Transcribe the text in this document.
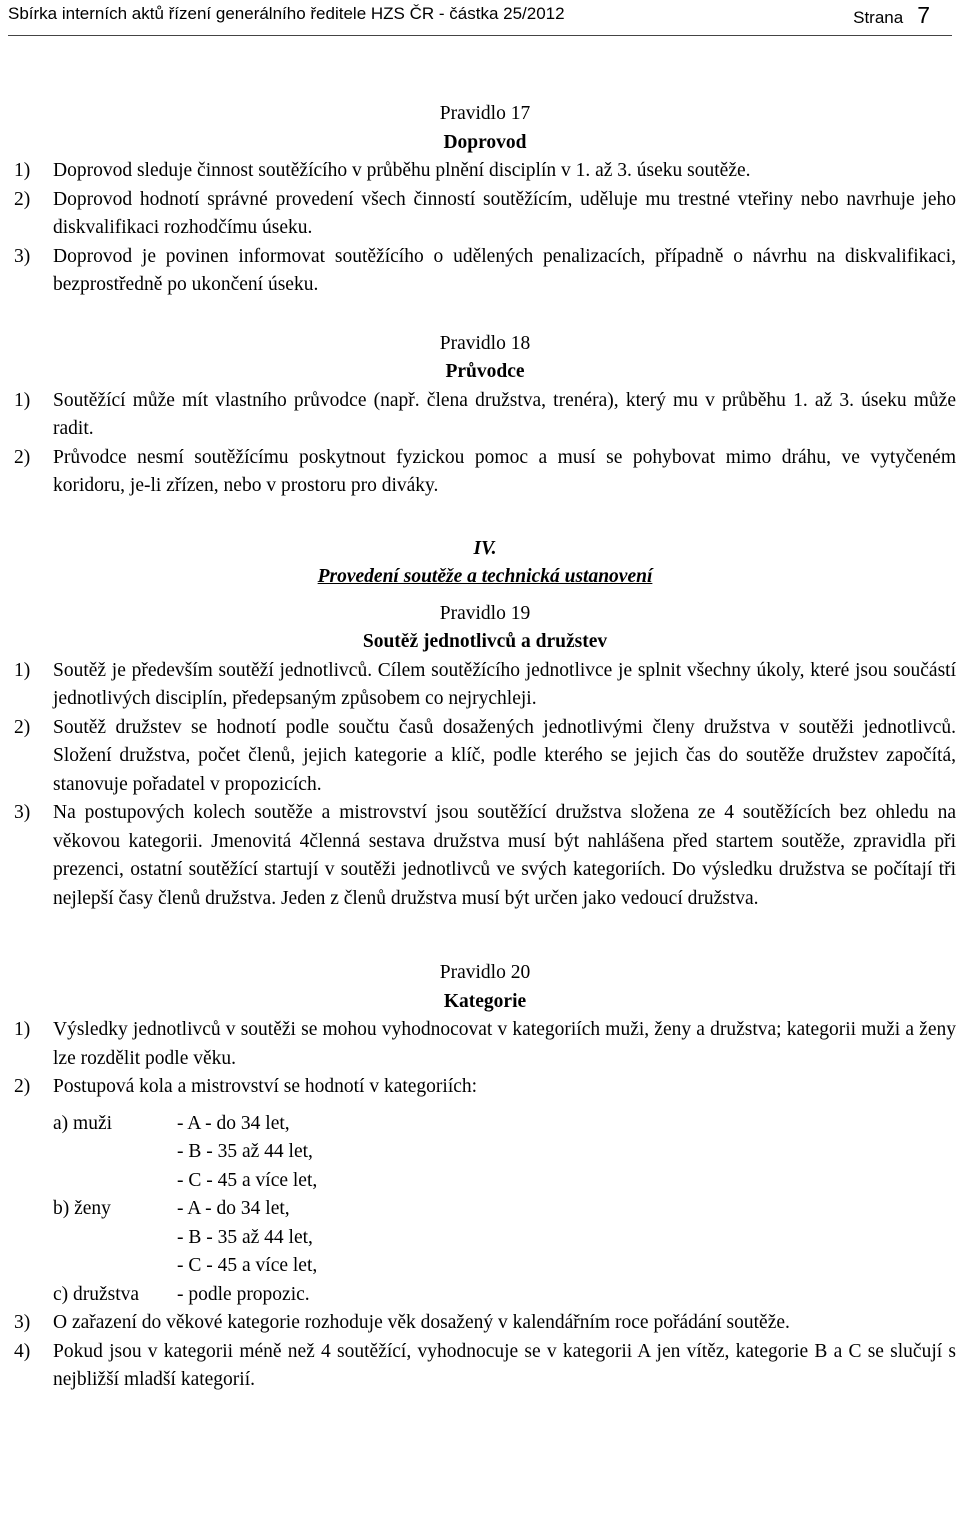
Sbírka interních aktů řízení generálního ředitele HZS ČR - částka 25/2012	Strana 7
Pravidlo 17
Doprovod
1) Doprovod sleduje činnost soutěžícího v průběhu plnění disciplín v 1. až 3. úseku soutěže.
2) Doprovod hodnotí správné provedení všech činností soutěžícím, uděluje mu trestné vteřiny nebo navrhuje jeho diskvalifikaci rozhodčímu úseku.
3) Doprovod je povinen informovat soutěžícího o udělených penalizacích, případně o návrhu na diskvalifikaci, bezprostředně po ukončení úseku.
Pravidlo 18
Průvodce
1) Soutěžící může mít vlastního průvodce (např. člena družstva, trenéra), který mu v průběhu 1. až 3. úseku může radit.
2) Průvodce nesmí soutěžícímu poskytnout fyzickou pomoc a musí se pohybovat mimo dráhu, ve vytyčeném koridoru, je-li zřízen, nebo v prostoru pro diváky.
IV.
Provedení soutěže a technická ustanovení
Pravidlo 19
Soutěž jednotlivců a družstev
1) Soutěž je především soutěží jednotlivců. Cílem soutěžícího jednotlivce je splnit všechny úkoly, které jsou součástí jednotlivých disciplín, předepsaným způsobem co nejrychleji.
2) Soutěž družstev se hodnotí podle součtu časů dosažených jednotlivými členy družstva v soutěži jednotlivců. Složení družstva, počet členů, jejich kategorie a klíč, podle kterého se jejich čas do soutěže družstev započítá, stanovuje pořadatel v propozicích.
3) Na postupových kolech soutěže a mistrovství jsou soutěžící družstva složena ze 4 soutěžících bez ohledu na věkovou kategorii. Jmenovitá 4členná sestava družstva musí být nahlášena před startem soutěže, zpravidla při prezenci, ostatní soutěžící startují v soutěži jednotlivců ve svých kategoriích. Do výsledku družstva se počítají tři nejlepší časy členů družstva. Jeden z členů družstva musí být určen jako vedoucí družstva.
Pravidlo 20
Kategorie
1) Výsledky jednotlivců v soutěži se mohou vyhodnocovat v kategoriích muži, ženy a družstva; kategorii muži a ženy lze rozdělit podle věku.
2) Postupová kola a mistrovství se hodnotí v kategoriích:
a) muži	- A - do 34 let,
- B - 35 až 44 let,
- C - 45 a více let,
b) ženy	- A - do 34 let,
- B - 35 až 44 let,
- C - 45 a více let,
c) družstva	- podle propozic.
3) O zařazení do věkové kategorie rozhoduje věk dosažený v kalendářním roce pořádání soutěže.
4) Pokud jsou v kategorii méně než 4 soutěžící, vyhodnocuje se v kategorii A jen vítěz, kategorie B a C se slučují s nejbližší mladší kategorií.
